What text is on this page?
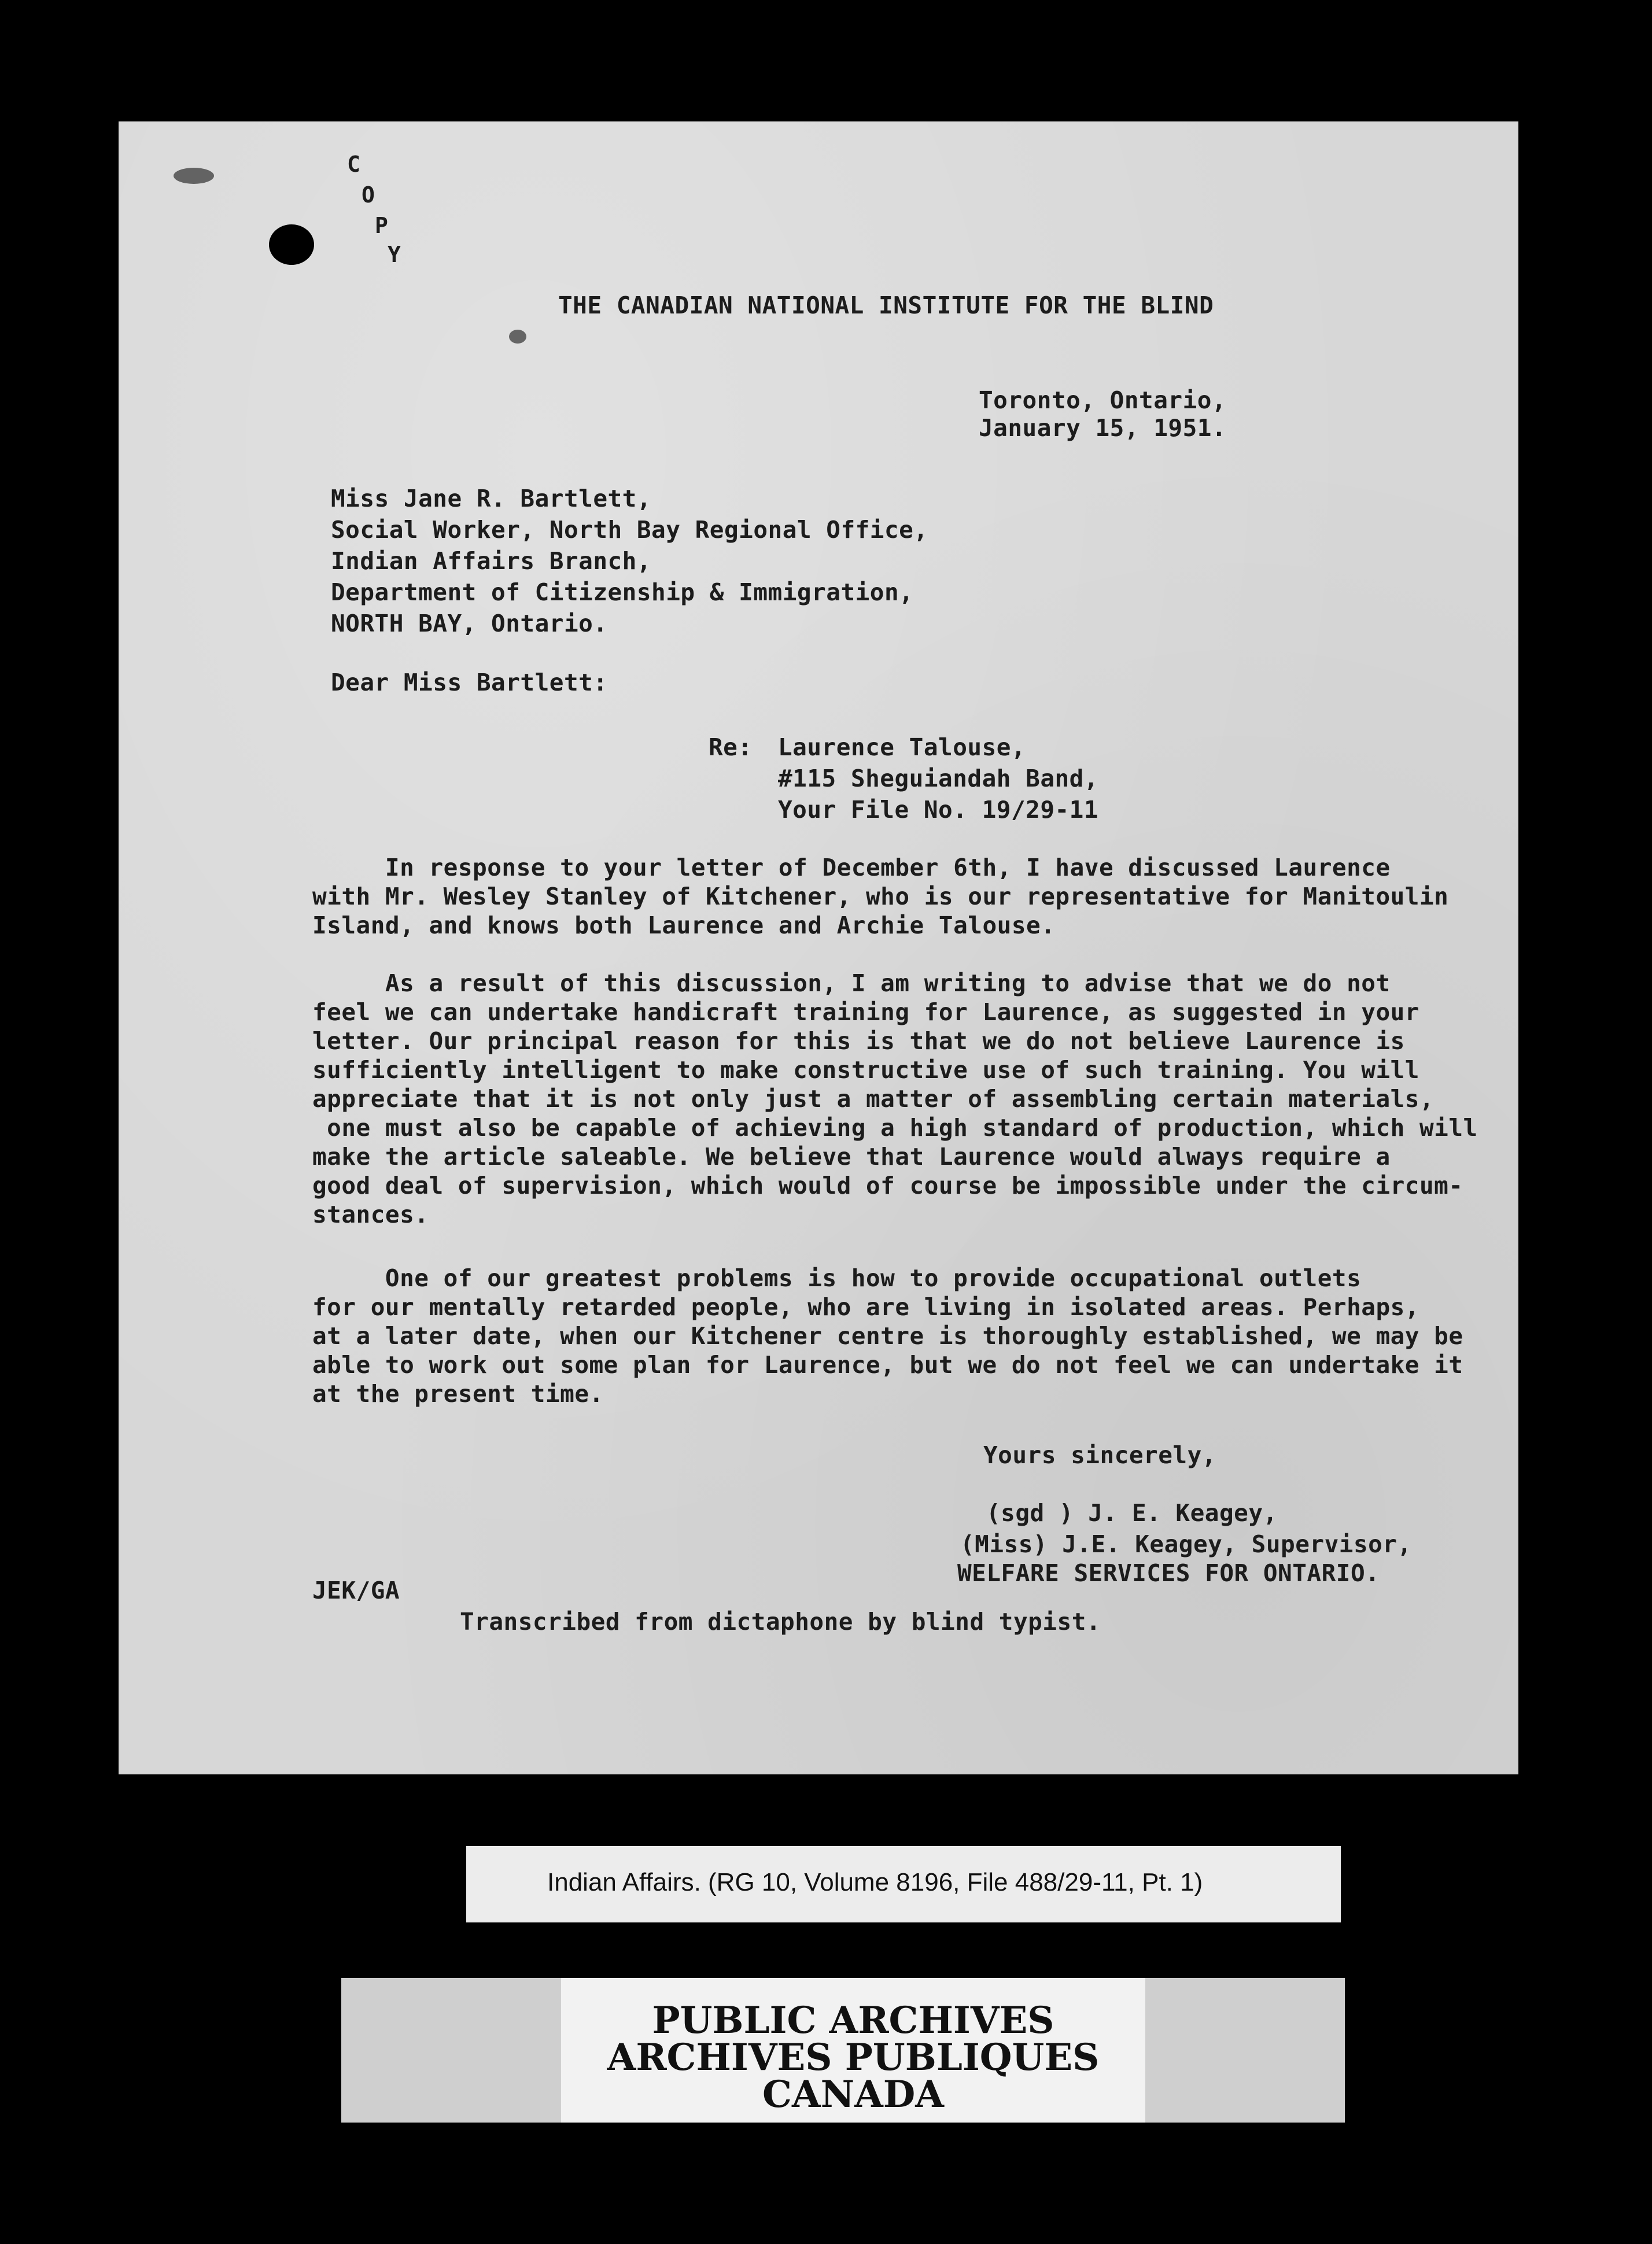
C
O
P
Y
THE CANADIAN NATIONAL INSTITUTE FOR THE BLIND
Toronto, Ontario,
January 15, 1951.
Miss Jane R. Bartlett,
Social Worker, North Bay Regional Office,
Indian Affairs Branch,
Department of Citizenship & Immigration,
NORTH BAY, Ontario.
Dear Miss Bartlett:
Re: Laurence Talouse,
#115 Sheguiandah Band,
Your File No. 19/29-11
In response to your letter of December 6th, I have discussed Laurence
with Mr. Wesley Stanley of Kitchener, who is our representative for Manitoulin
Island, and knows both Laurence and Archie Talouse.
As a result of this discussion, I am writing to advise that we do not
feel we can undertake handicraft training for Laurence, as suggested in your
letter. Our principal reason for this is that we do not believe Laurence is
sufficiently intelligent to make constructive use of such training. You will
appreciate that it is not only just a matter of assembling certain materials,
one must also be capable of achieving a high standard of production, which will
make the article saleable. We believe that Laurence would always require a
good deal of supervision, which would of course be impossible under the circum-
stances.
One of our greatest problems is how to provide occupational outlets
for our mentally retarded people, who are living in isolated areas. Perhaps,
at a later date, when our Kitchener centre is thoroughly established, we may be
able to work out some plan for Laurence, but we do not feel we can undertake it
at the present time.
Yours sincerely,
(sgd ) J. E. Keagey,
(Miss) J.E. Keagey, Supervisor,
WELFARE SERVICES FOR ONTARIO.
JEK/GA
Transcribed from dictaphone by blind typist.
Indian Affairs. (RG 10, Volume 8196, File 488/29-11, Pt. 1)
PUBLIC ARCHIVES
ARCHIVES PUBLIQUES
CANADA
